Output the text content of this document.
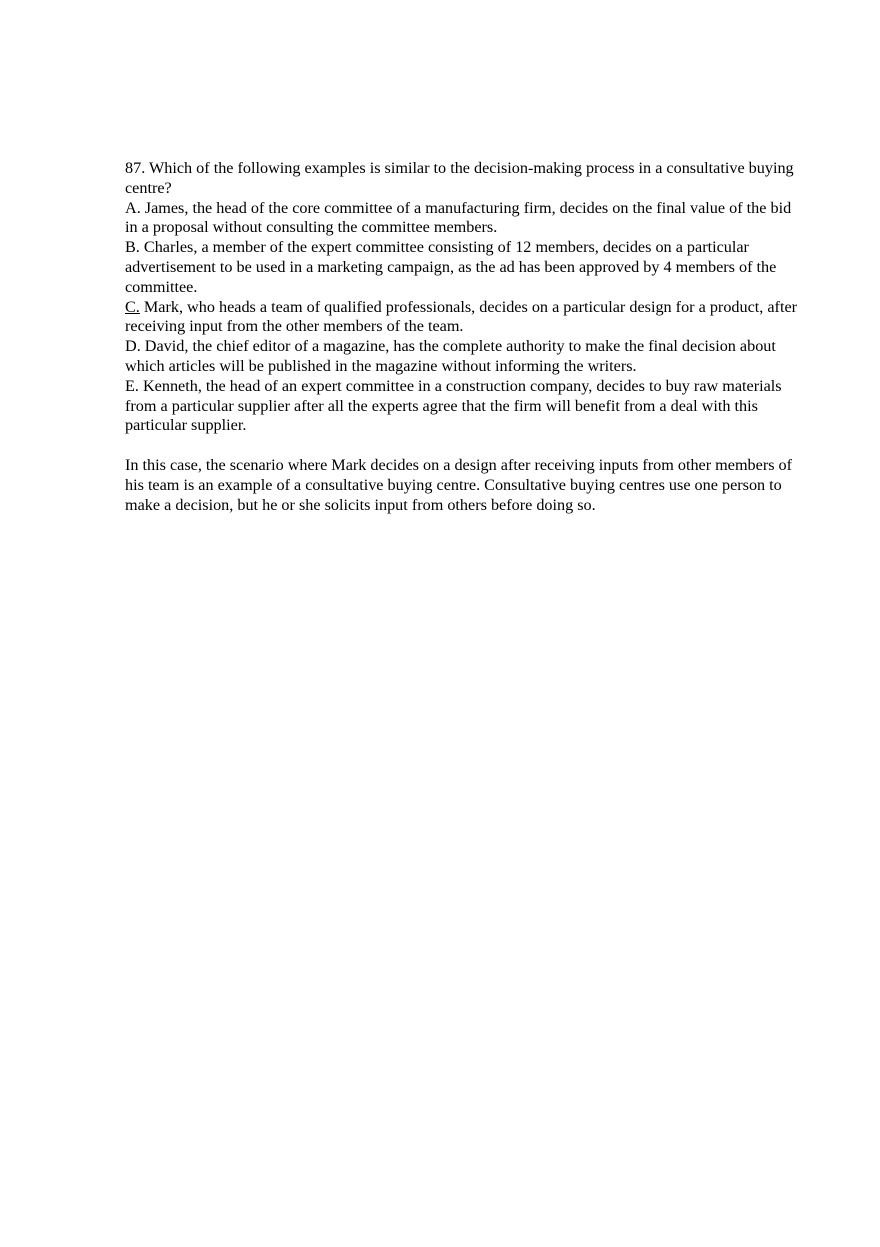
87. Which of the following examples is similar to the decision-making process in a consultative buying centre?

A. James, the head of the core committee of a manufacturing firm, decides on the final value of the bid in a proposal without consulting the committee members.

B. Charles, a member of the expert committee consisting of 12 members, decides on a particular advertisement to be used in a marketing campaign, as the ad has been approved by 4 members of the committee.

C. Mark, who heads a team of qualified professionals, decides on a particular design for a product, after receiving input from the other members of the team.

D. David, the chief editor of a magazine, has the complete authority to make the final decision about which articles will be published in the magazine without informing the writers.

E. Kenneth, the head of an expert committee in a construction company, decides to buy raw materials from a particular supplier after all the experts agree that the firm will benefit from a deal with this particular supplier.

In this case, the scenario where Mark decides on a design after receiving inputs from other members of his team is an example of a consultative buying centre. Consultative buying centres use one person to make a decision, but he or she solicits input from others before doing so.
